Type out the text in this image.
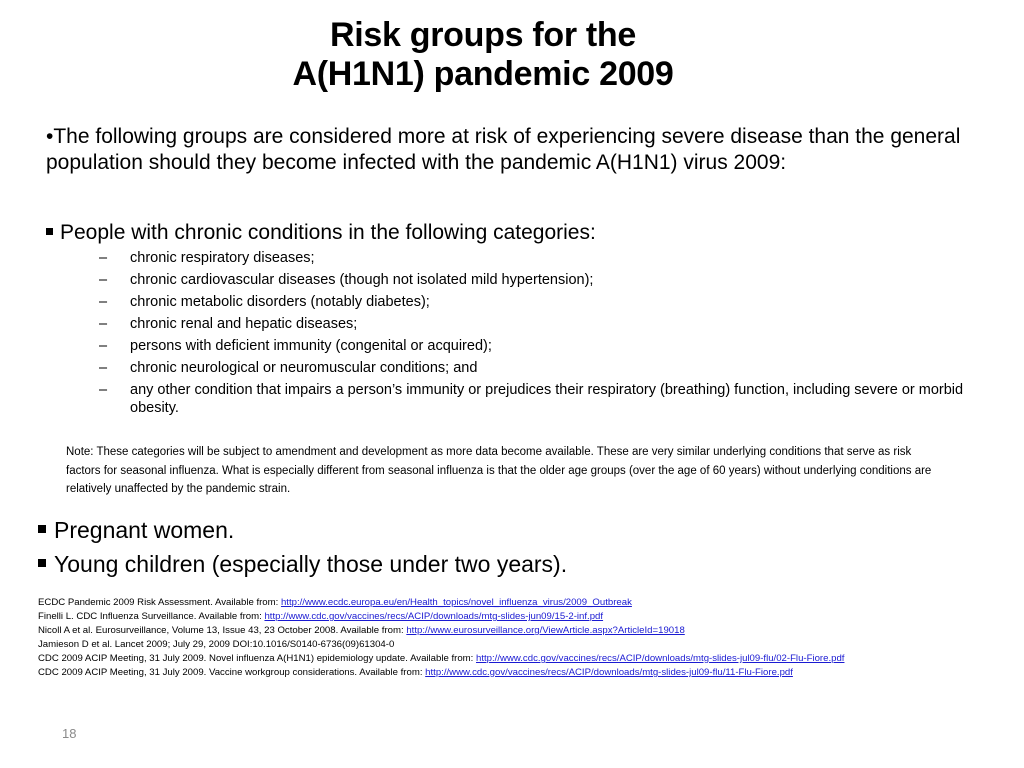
Risk groups for the
A(H1N1) pandemic 2009
•The following groups are considered more at risk of experiencing severe disease than the general population should they become infected with the pandemic A(H1N1) virus 2009:
People with chronic conditions in the following categories:
– chronic respiratory diseases;
– chronic cardiovascular diseases (though not isolated mild hypertension);
– chronic metabolic disorders (notably diabetes);
– chronic renal and hepatic diseases;
– persons with deficient immunity (congenital or acquired);
– chronic neurological or neuromuscular conditions; and
– any other condition that impairs a person’s immunity or prejudices their respiratory (breathing) function, including severe or morbid obesity.
Note: These categories will be subject to amendment and development as more data become available. These are very similar underlying conditions that serve as risk factors for seasonal influenza. What is especially different from seasonal influenza is that the older age groups (over the age of 60 years) without underlying conditions are relatively unaffected by the pandemic strain.
Pregnant women.
Young children (especially those under two years).
ECDC Pandemic 2009 Risk Assessment. Available from: http://www.ecdc.europa.eu/en/Health_topics/novel_influenza_virus/2009_Outbreak
Finelli L. CDC Influenza Surveillance. Available from: http://www.cdc.gov/vaccines/recs/ACIP/downloads/mtg-slides-jun09/15-2-inf.pdf
Nicoll A et al. Eurosurveillance, Volume 13, Issue 43, 23 October 2008. Available from: http://www.eurosurveillance.org/ViewArticle.aspx?ArticleId=19018
Jamieson D et al. Lancet 2009; July 29, 2009 DOI:10.1016/S0140-6736(09)61304-0
CDC 2009 ACIP Meeting, 31 July 2009. Novel influenza A(H1N1) epidemiology update. Available from: http://www.cdc.gov/vaccines/recs/ACIP/downloads/mtg-slides-jul09-flu/02-Flu-Fiore.pdf
CDC 2009 ACIP Meeting, 31 July 2009. Vaccine workgroup considerations. Available from: http://www.cdc.gov/vaccines/recs/ACIP/downloads/mtg-slides-jul09-flu/11-Flu-Fiore.pdf
18
